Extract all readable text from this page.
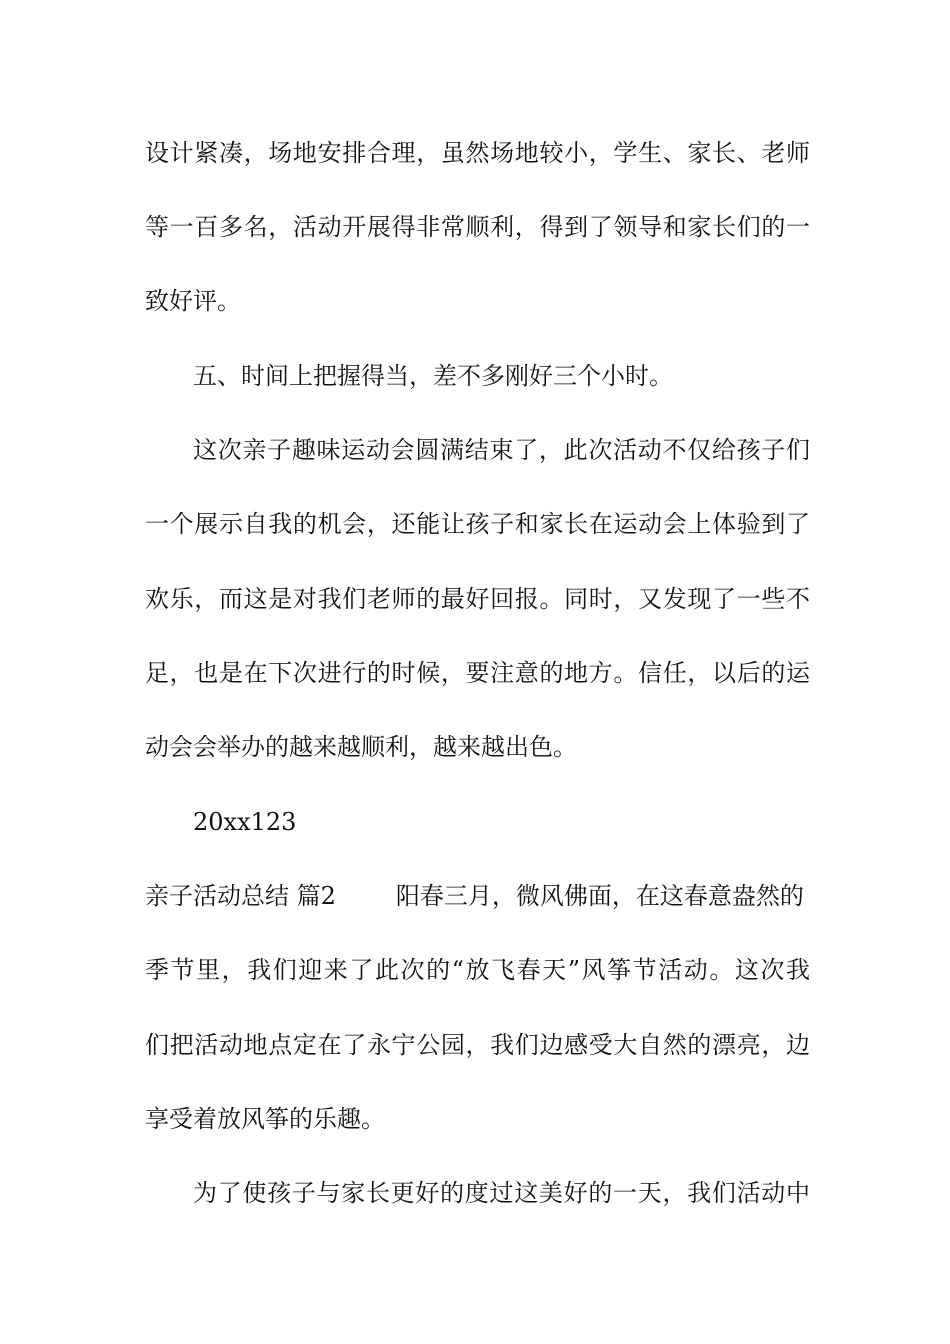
设计紧凑，场地安排合理，虽然场地较小，学生、家长、老师
等一百多名，活动开展得非常顺利，得到了领导和家长们的一
致好评。
五、时间上把握得当，差不多刚好三个小时。
这次亲子趣味运动会圆满结束了，此次活动不仅给孩子们
一个展示自我的机会，还能让孩子和家长在运动会上体验到了
欢乐，而这是对我们老师的最好回报。同时，又发现了一些不
足，也是在下次进行的时候，要注意的地方。信任，以后的运
动会会举办的越来越顺利，越来越出色。
20xx123
亲子活动总结 篇2	阳春三月，微风佛面，在这春意盎然的
季节里，我们迎来了此次的“放飞春天”风筝节活动。这次我
们把活动地点定在了永宁公园，我们边感受大自然的漂亮，边
享受着放风筝的乐趣。
为了使孩子与家长更好的度过这美好的一天，我们活动中
